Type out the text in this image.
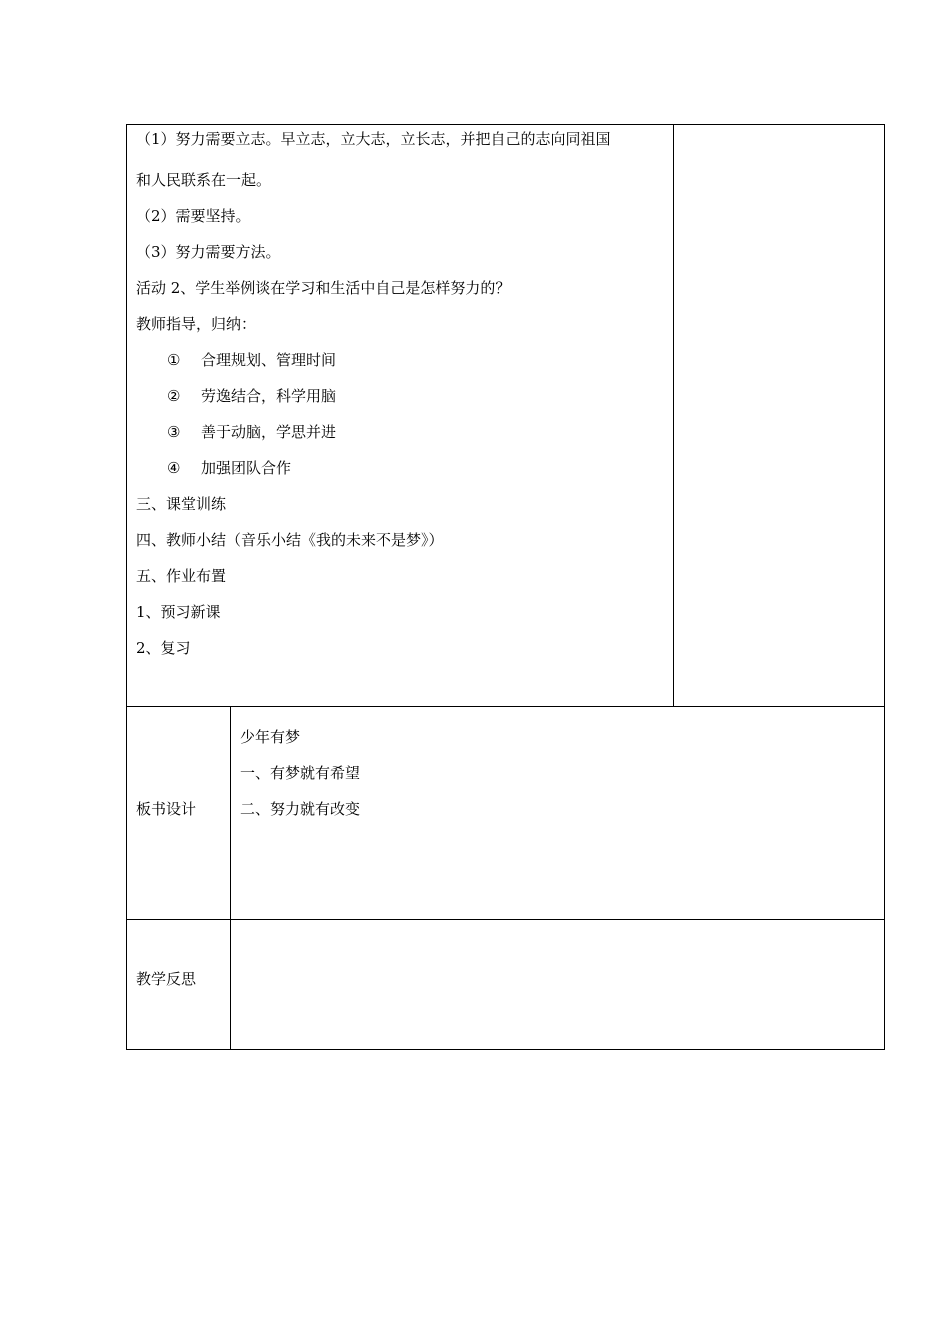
（1）努力需要立志。早立志，立大志，立长志，并把自己的志向同祖国
和人民联系在一起。
（2）需要坚持。
（3）努力需要方法。
活动 2、学生举例谈在学习和生活中自己是怎样努力的？
教师指导，归纳：
① 合理规划、管理时间
② 劳逸结合，科学用脑
③ 善于动脑，学思并进
④ 加强团队合作
三、课堂训练
四、教师小结（音乐小结《我的未来不是梦》）
五、作业布置
1、预习新课
2、复习
板书设计
少年有梦
一、有梦就有希望
二、努力就有改变
教学反思
